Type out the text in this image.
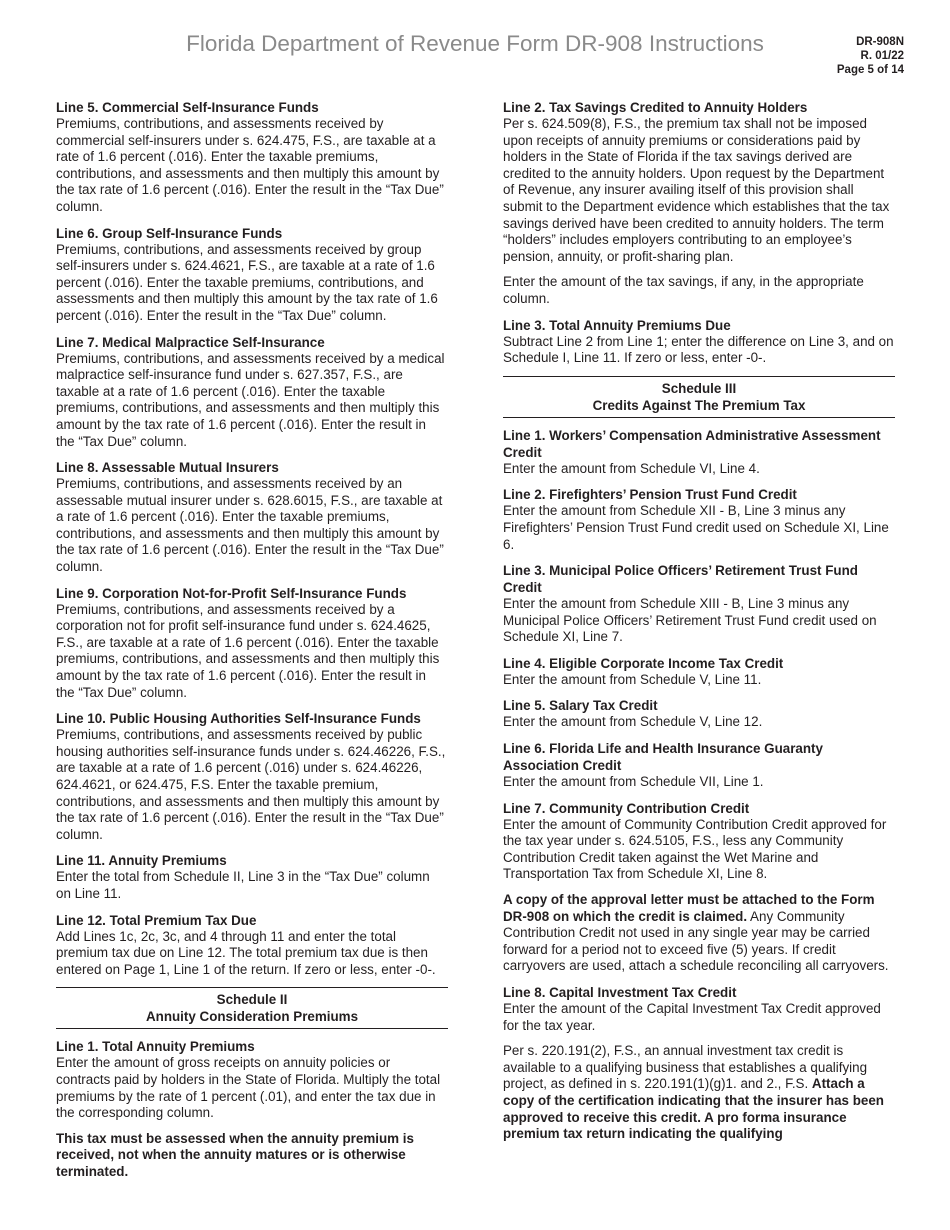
Florida Department of Revenue Form DR-908 Instructions	DR-908N
R. 01/22
Page 5 of 14
Line 5. Commercial Self-Insurance Funds

Premiums, contributions, and assessments received by commercial self-insurers under s. 624.475, F.S., are taxable at a rate of 1.6 percent (.016). Enter the taxable premiums, contributions, and assessments and then multiply this amount by the tax rate of 1.6 percent (.016). Enter the result in the “Tax Due” column.

Line 6. Group Self-Insurance Funds

Premiums, contributions, and assessments received by group self-insurers under s. 624.4621, F.S., are taxable at a rate of 1.6 percent (.016). Enter the taxable premiums, contributions, and assessments and then multiply this amount by the tax rate of 1.6 percent (.016). Enter the result in the “Tax Due” column.

Line 7. Medical Malpractice Self-Insurance

Premiums, contributions, and assessments received by a medical malpractice self-insurance fund under s. 627.357, F.S., are taxable at a rate of 1.6 percent (.016). Enter the taxable premiums, contributions, and assessments and then multiply this amount by the tax rate of 1.6 percent (.016). Enter the result in the “Tax Due” column.

Line 8. Assessable Mutual Insurers

Premiums, contributions, and assessments received by an assessable mutual insurer under s. 628.6015, F.S., are taxable at a rate of 1.6 percent (.016). Enter the taxable premiums, contributions, and assessments and then multiply this amount by the tax rate of 1.6 percent (.016). Enter the result in the “Tax Due” column.

Line 9. Corporation Not-for-Profit Self-Insurance Funds

Premiums, contributions, and assessments received by a corporation not for profit self-insurance fund under s. 624.4625, F.S., are taxable at a rate of 1.6 percent (.016). Enter the taxable premiums, contributions, and assessments and then multiply this amount by the tax rate of 1.6 percent (.016). Enter the result in the “Tax Due” column.

Line 10. Public Housing Authorities Self-Insurance Funds

Premiums, contributions, and assessments received by public housing authorities self-insurance funds under s. 624.46226, F.S., are taxable at a rate of 1.6 percent (.016) under s. 624.46226, 624.4621, or 624.475, F.S. Enter the taxable premium, contributions, and assessments and then multiply this amount by the tax rate of 1.6 percent (.016). Enter the result in the “Tax Due” column.

Line 11. Annuity Premiums

Enter the total from Schedule II, Line 3 in the “Tax Due” column on Line 11.

Line 12. Total Premium Tax Due

Add Lines 1c, 2c, 3c, and 4 through 11 and enter the total premium tax due on Line 12. The total premium tax due is then entered on Page 1, Line 1 of the return. If zero or less, enter -0-.

Schedule II
Annuity Consideration Premiums
Line 1. Total Annuity Premiums

Enter the amount of gross receipts on annuity policies or contracts paid by holders in the State of Florida. Multiply the total premiums by the rate of 1 percent (.01), and enter the tax due in the corresponding column.

This tax must be assessed when the annuity premium is received, not when the annuity matures or is otherwise terminated.

Line 2. Tax Savings Credited to Annuity Holders

Per s. 624.509(8), F.S., the premium tax shall not be imposed upon receipts of annuity premiums or considerations paid by holders in the State of Florida if the tax savings derived are credited to the annuity holders. Upon request by the Department of Revenue, any insurer availing itself of this provision shall submit to the Department evidence which establishes that the tax savings derived have been credited to annuity holders. The term “holders” includes employers contributing to an employee’s pension, annuity, or profit-sharing plan.

Enter the amount of the tax savings, if any, in the appropriate column.

Line 3. Total Annuity Premiums Due

Subtract Line 2 from Line 1; enter the difference on Line 3, and on Schedule I, Line 11. If zero or less, enter -0-.

Schedule III
Credits Against The Premium Tax
Line 1. Workers’ Compensation Administrative Assessment Credit

Enter the amount from Schedule VI, Line 4.

Line 2. Firefighters’ Pension Trust Fund Credit

Enter the amount from Schedule XII - B, Line 3 minus any Firefighters’ Pension Trust Fund credit used on Schedule XI, Line 6.

Line 3. Municipal Police Officers’ Retirement Trust Fund Credit

Enter the amount from Schedule XIII - B, Line 3 minus any Municipal Police Officers’ Retirement Trust Fund credit used on Schedule XI, Line 7.

Line 4. Eligible Corporate Income Tax Credit

Enter the amount from Schedule V, Line 11.

Line 5. Salary Tax Credit

Enter the amount from Schedule V, Line 12.

Line 6. Florida Life and Health Insurance Guaranty Association Credit

Enter the amount from Schedule VII, Line 1.

Line 7. Community Contribution Credit

Enter the amount of Community Contribution Credit approved for the tax year under s. 624.5105, F.S., less any Community Contribution Credit taken against the Wet Marine and Transportation Tax from Schedule XI, Line 8.

A copy of the approval letter must be attached to the Form DR-908 on which the credit is claimed. Any Community Contribution Credit not used in any single year may be carried forward for a period not to exceed five (5) years. If credit carryovers are used, attach a schedule reconciling all carryovers.

Line 8. Capital Investment Tax Credit

Enter the amount of the Capital Investment Tax Credit approved for the tax year.

Per s. 220.191(2), F.S., an annual investment tax credit is available to a qualifying business that establishes a qualifying project, as defined in s. 220.191(1)(g)1. and 2., F.S. Attach a copy of the certification indicating that the insurer has been approved to receive this credit. A pro forma insurance premium tax return indicating the qualifying
